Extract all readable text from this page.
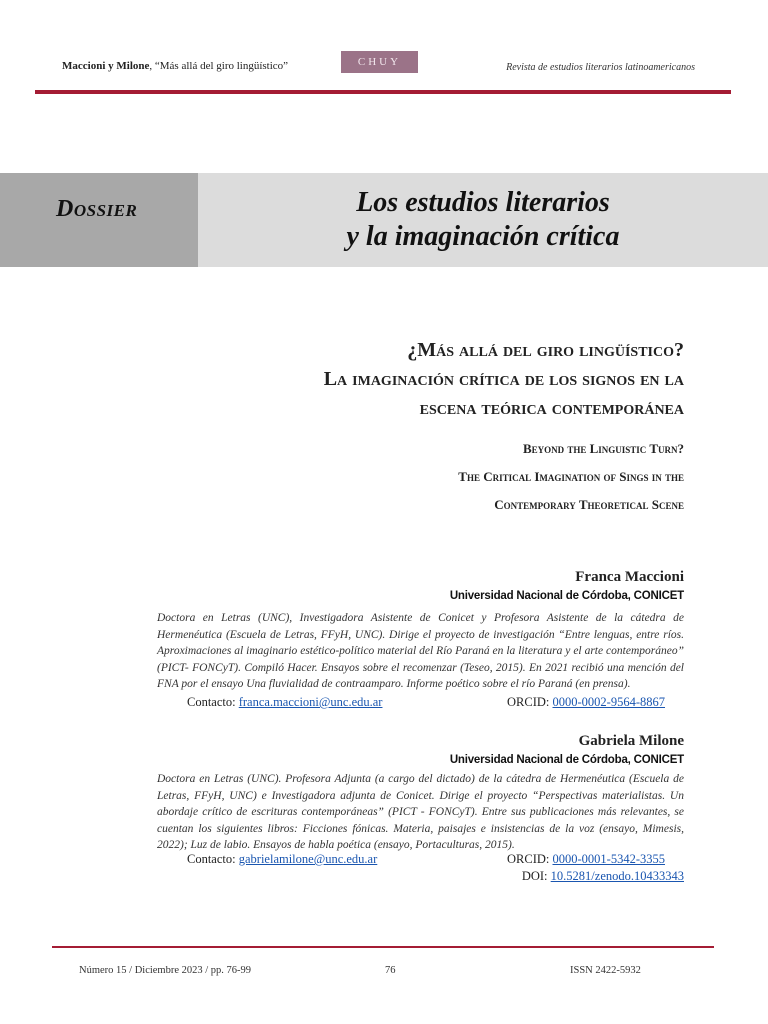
Maccioni y Milone, “Más allá del giro lingüístico”	CHUY	Revista de estudios literarios latinoamericanos
Dossier	Los estudios literarios
y la imaginación crítica
¿Más allá del giro lingüístico?
La imaginación crítica de los signos en la
escena teórica contemporánea
Beyond the Linguistic Turn?
The Critical Imagination of Sings in the
Contemporary Theoretical Scene
Franca Maccioni
Universidad Nacional de Córdoba, CONICET
Doctora en Letras (UNC), Investigadora Asistente de Conicet y Profesora Asistente de la cátedra de Hermenéutica (Escuela de Letras, FFyH, UNC). Dirige el proyecto de investigación “Entre lenguas, entre ríos. Aproximaciones al imaginario estético-político material del Río Paraná en la literatura y el arte contemporáneo” (PICT- FONCyT). Compiló Hacer. Ensayos sobre el recomenzar (Teseo, 2015). En 2021 recibió una mención del FNA por el ensayo Una fluvialidad de contraamparo. Informe poético sobre el río Paraná (en prensa).
Contacto: franca.maccioni@unc.edu.ar	ORCID: 0000-0002-9564-8867
Gabriela Milone
Universidad Nacional de Córdoba, CONICET
Doctora en Letras (UNC). Profesora Adjunta (a cargo del dictado) de la cátedra de Hermenéutica (Escuela de Letras, FFyH, UNC) e Investigadora adjunta de Conicet. Dirige el proyecto “Perspectivas materialistas. Un abordaje crítico de escrituras contemporáneas” (PICT - FONCyT). Entre sus publicaciones más relevantes, se cuentan los siguientes libros: Ficciones fónicas. Materia, paisajes e insistencias de la voz (ensayo, Mimesis, 2022); Luz de labio. Ensayos de habla poética (ensayo, Portaculturas, 2015).
Contacto: gabrielamilone@unc.edu.ar	ORCID: 0000-0001-5342-3355
DOI: 10.5281/zenodo.10433343
Número 15 / Diciembre 2023 / pp. 76-99	76	ISSN 2422-5932
